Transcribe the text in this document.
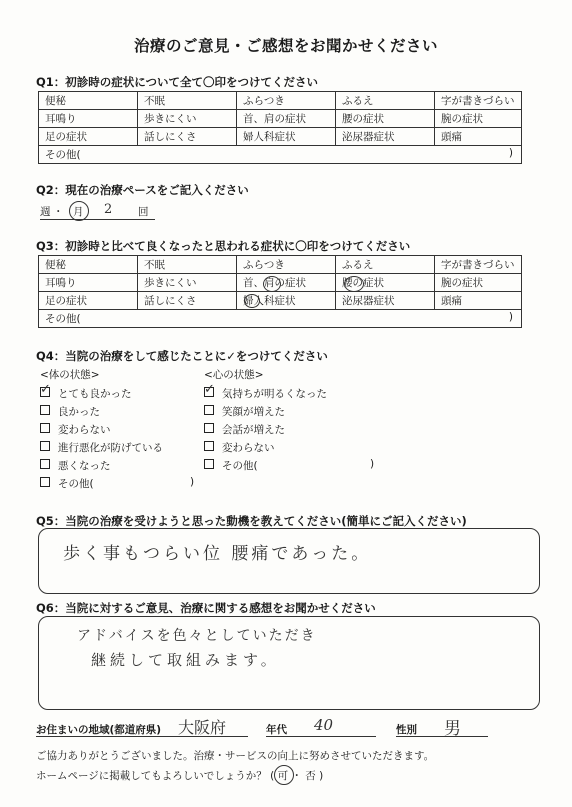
治療のご意見・ご感想をお聞かせください
Q1：初診時の症状について全て〇印をつけてください
便秘	不眠	ふらつき	ふるえ	字が書きづらい
耳鳴り	歩きにくい	首、肩の症状	腰の症状	腕の症状
足の症状	話しにくさ	婦人科症状	泌尿器症状	頭痛
その他( )				
Q2：現在の治療ペースをご記入ください
週 ・ 月 2 回
Q3：初診時と比べて良くなったと思われる症状に〇印をつけてください
便秘	不眠	ふらつき	ふるえ	字が書きづらい
耳鳴り	歩きにくい	首、肩の症状	腰の症状	腕の症状
足の症状	話しにくさ	婦人科症状	泌尿器症状	頭痛
その他( )				
Q4：当院の治療をして感じたことに✓をつけてください
<体の状態>	<心の状態>
✓ とても良かった
良かった
変わらない
進行悪化が防げている
悪くなった
その他(	)
✓ 気持ちが明るくなった
笑顔が増えた
会話が増えた
変わらない
その他(	)
Q5：当院の治療を受けようと思った動機を教えてください(簡単にご記入ください)
歩く事もつらい位 腰痛であった。
Q6：当院に対するご意見、治療に関する感想をお聞かせください
アドバイスを色々としていただき
継続して取組みます。
お住まいの地域(都道府県) 大阪府	年代 40	性別 男
ご協力ありがとうございました。治療・サービスの向上に努めさせていただきます。
ホームページに掲載してもよろしいでしょうか？ ( 可 ・ 否 )
